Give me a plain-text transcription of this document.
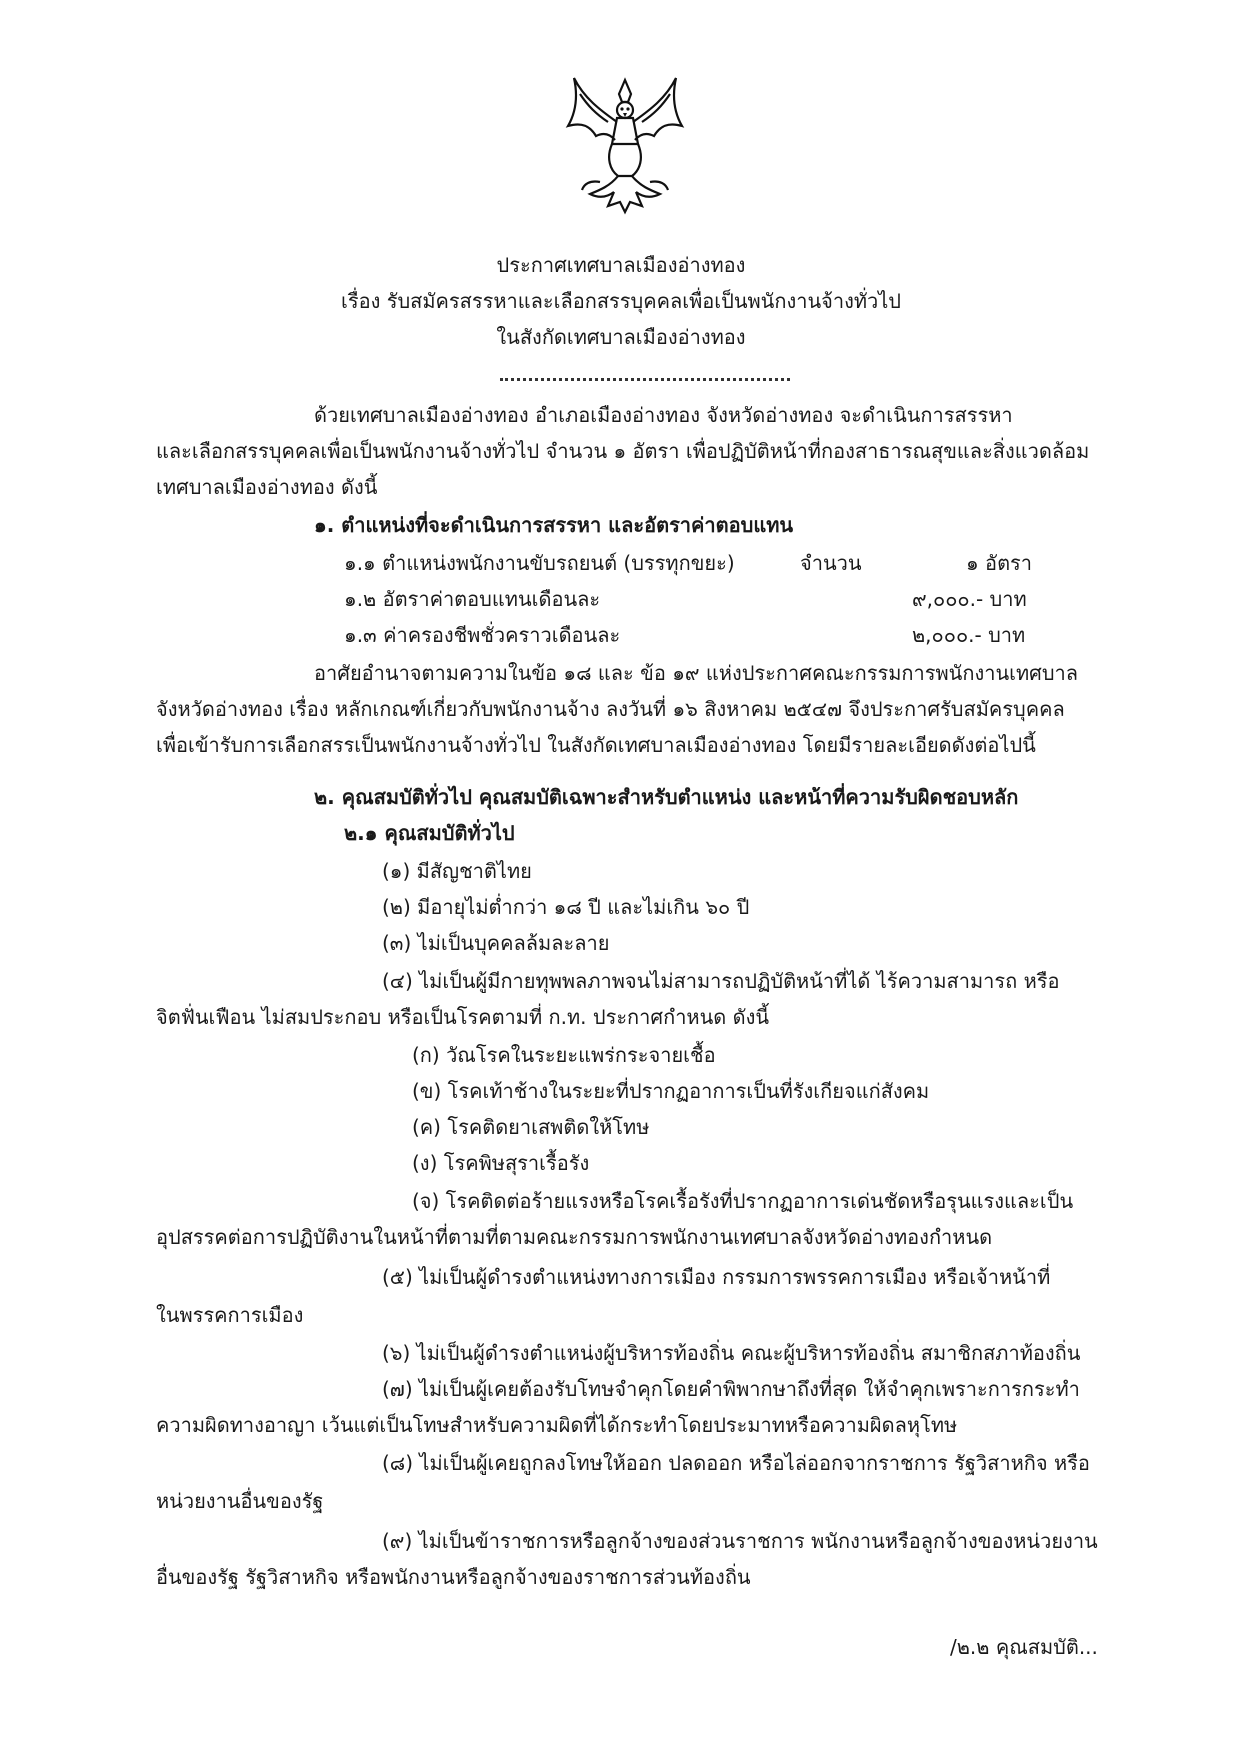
ประกาศเทศบาลเมืองอ่างทอง
เรื่อง รับสมัครสรรหาและเลือกสรรบุคคลเพื่อเป็นพนักงานจ้างทั่วไป
ในสังกัดเทศบาลเมืองอ่างทอง
ด้วยเทศบาลเมืองอ่างทอง อำเภอเมืองอ่างทอง จังหวัดอ่างทอง จะดำเนินการสรรหา
และเลือกสรรบุคคลเพื่อเป็นพนักงานจ้างทั่วไป จำนวน ๑ อัตรา เพื่อปฏิบัติหน้าที่กองสาธารณสุขและสิ่งแวดล้อม
เทศบาลเมืองอ่างทอง ดังนี้
๑. ตำแหน่งที่จะดำเนินการสรรหา และอัตราค่าตอบแทน
๑.๑ ตำแหน่งพนักงานขับรถยนต์ (บรรทุกขยะ)	จำนวน	๑ อัตรา
๑.๒ อัตราค่าตอบแทนเดือนละ	๙,๐๐๐.- บาท
๑.๓ ค่าครองชีพชั่วคราวเดือนละ	๒,๐๐๐.- บาท
อาศัยอำนาจตามความในข้อ ๑๘ และ ข้อ ๑๙ แห่งประกาศคณะกรรมการพนักงานเทศบาล
จังหวัดอ่างทอง เรื่อง หลักเกณฑ์เกี่ยวกับพนักงานจ้าง ลงวันที่ ๑๖ สิงหาคม ๒๕๔๗ จึงประกาศรับสมัครบุคคล
เพื่อเข้ารับการเลือกสรรเป็นพนักงานจ้างทั่วไป ในสังกัดเทศบาลเมืองอ่างทอง โดยมีรายละเอียดดังต่อไปนี้
๒. คุณสมบัติทั่วไป คุณสมบัติเฉพาะสำหรับตำแหน่ง และหน้าที่ความรับผิดชอบหลัก
๒.๑ คุณสมบัติทั่วไป
(๑) มีสัญชาติไทย
(๒) มีอายุไม่ต่ำกว่า ๑๘ ปี และไม่เกิน ๖๐ ปี
(๓) ไม่เป็นบุคคลล้มละลาย
(๔) ไม่เป็นผู้มีกายทุพพลภาพจนไม่สามารถปฏิบัติหน้าที่ได้ ไร้ความสามารถ หรือ
จิตฟั่นเฟือน ไม่สมประกอบ หรือเป็นโรคตามที่ ก.ท. ประกาศกำหนด ดังนี้
(ก) วัณโรคในระยะแพร่กระจายเชื้อ
(ข) โรคเท้าช้างในระยะที่ปรากฏอาการเป็นที่รังเกียจแก่สังคม
(ค) โรคติดยาเสพติดให้โทษ
(ง) โรคพิษสุราเรื้อรัง
(จ) โรคติดต่อร้ายแรงหรือโรคเรื้อรังที่ปรากฏอาการเด่นชัดหรือรุนแรงและเป็น
อุปสรรคต่อการปฏิบัติงานในหน้าที่ตามที่ตามคณะกรรมการพนักงานเทศบาลจังหวัดอ่างทองกำหนด
(๕) ไม่เป็นผู้ดำรงตำแหน่งทางการเมือง กรรมการพรรคการเมือง หรือเจ้าหน้าที่
ในพรรคการเมือง
(๖) ไม่เป็นผู้ดำรงตำแหน่งผู้บริหารท้องถิ่น คณะผู้บริหารท้องถิ่น สมาชิกสภาท้องถิ่น
(๗) ไม่เป็นผู้เคยต้องรับโทษจำคุกโดยคำพิพากษาถึงที่สุด ให้จำคุกเพราะการกระทำ
ความผิดทางอาญา เว้นแต่เป็นโทษสำหรับความผิดที่ได้กระทำโดยประมาทหรือความผิดลหุโทษ
(๘) ไม่เป็นผู้เคยถูกลงโทษให้ออก ปลดออก หรือไล่ออกจากราชการ รัฐวิสาหกิจ หรือ
หน่วยงานอื่นของรัฐ
(๙) ไม่เป็นข้าราชการหรือลูกจ้างของส่วนราชการ พนักงานหรือลูกจ้างของหน่วยงาน
อื่นของรัฐ รัฐวิสาหกิจ หรือพนักงานหรือลูกจ้างของราชการส่วนท้องถิ่น
/๒.๒ คุณสมบัติ...
